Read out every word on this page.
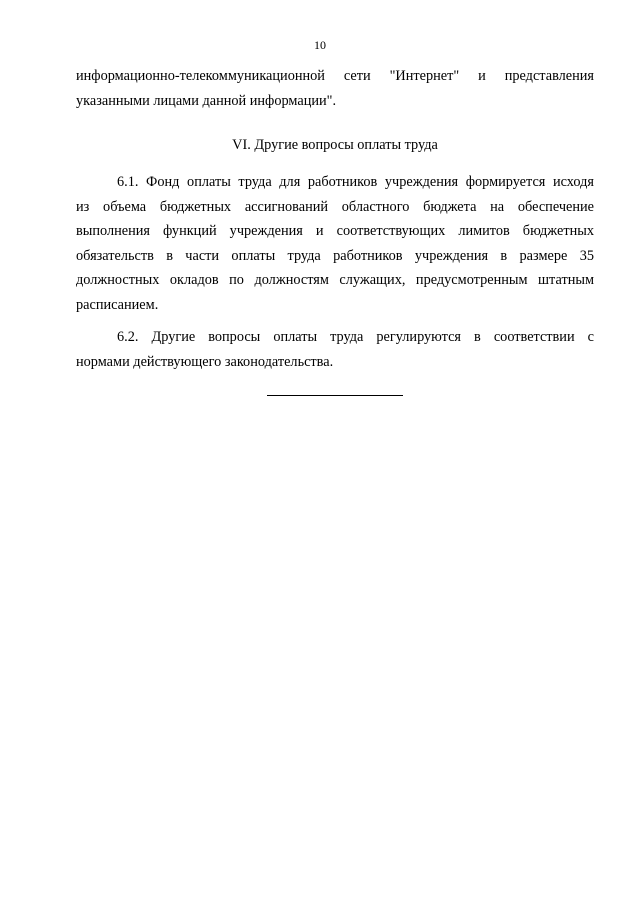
10
информационно-телекоммуникационной сети "Интернет" и представления
указанными лицами данной информации".
VI. Другие вопросы оплаты труда
6.1. Фонд оплаты труда для работников учреждения формируется исходя
из объема бюджетных ассигнований областного бюджета на обеспечение
выполнения функций учреждения и соответствующих лимитов бюджетных
обязательств в части оплаты труда работников учреждения в размере 35
должностных окладов по должностям служащих, предусмотренным штатным
расписанием.
6.2. Другие вопросы оплаты труда регулируются в соответствии с
нормами действующего законодательства.
